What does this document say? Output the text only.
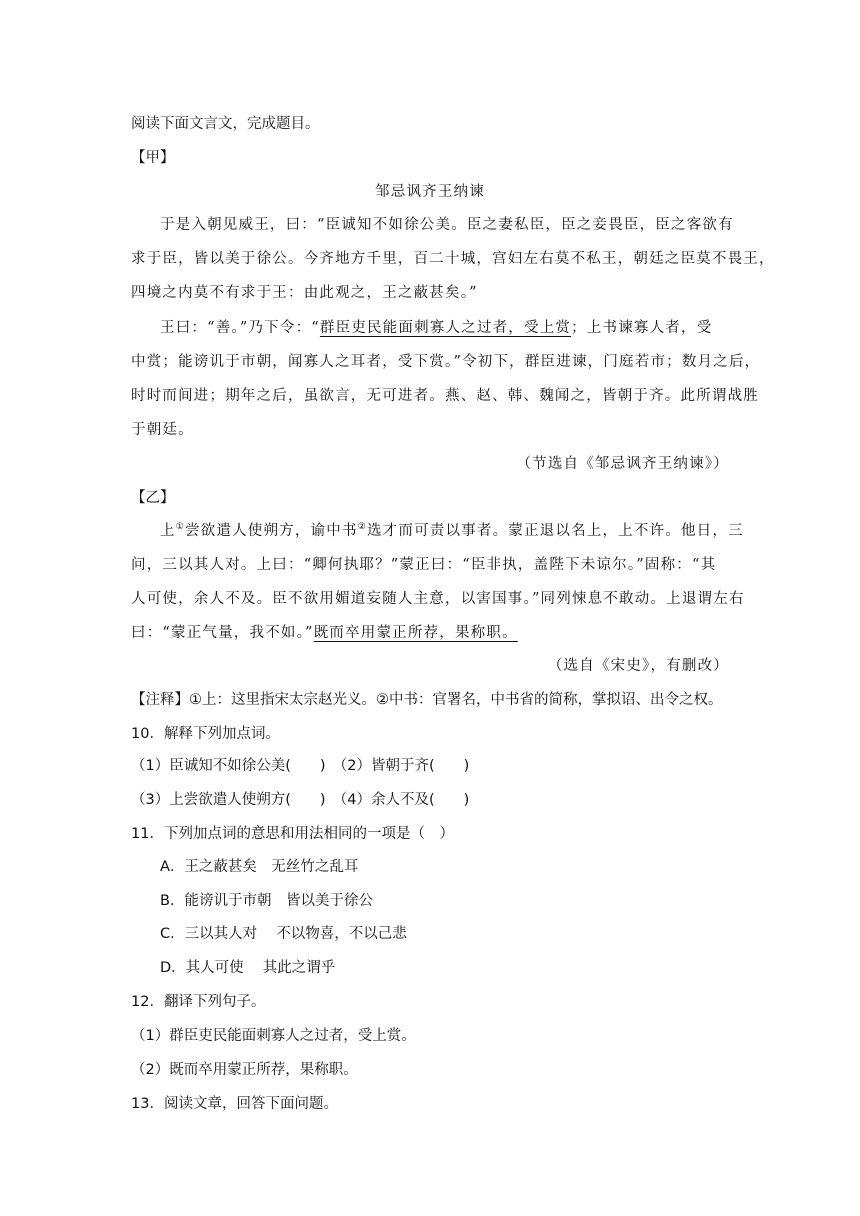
阅读下面文言文，完成题目。
【甲】
邹忌讽齐王纳谏
于是入朝见威王，曰：“臣诚知不如徐公美。臣之妻私臣，臣之妾畏臣，臣之客欲有
求于臣，皆以美于徐公。今齐地方千里，百二十城，宫妇左右莫不私王，朝廷之臣莫不畏王，
四境之内莫不有求于王：由此观之，王之蔽甚矣。”
王曰：“善。”乃下令：“群臣吏民能面刺寡人之过者，受上赏；上书谏寡人者，受
中赏；能谤讥于市朝，闻寡人之耳者，受下赏。”令初下，群臣进谏，门庭若市；数月之后，
时时而间进；期年之后，虽欲言，无可进者。燕、赵、韩、魏闻之，皆朝于齐。此所谓战胜
于朝廷。
（节选自《邹忌讽齐王纳谏》）
【乙】
上①尝欲遣人使朔方，谕中书②选才而可责以事者。蒙正退以名上，上不许。他日，三
问，三以其人对。上曰：“卿何执耶？”蒙正曰：“臣非执，盖陛下未谅尔。”固称：“其
人可使，余人不及。臣不欲用媚道妄随人主意，以害国事。”同列悚息不敢动。上退谓左右
曰：“蒙正气量，我不如。”既而卒用蒙正所荐，果称职。
（选自《宋史》，有删改）
【注释】①上：这里指宋太宗赵光义。②中书：官署名，中书省的简称，掌拟诏、出令之权。
10．解释下列加点词。
（1）臣诚知不如徐公美(　　)　（2）皆朝于齐(　　)
（3）上尝欲遣人使朔方(　　)　（4）余人不及(　　)
11．下列加点词的意思和用法相同的一项是（　）
A．王之蔽甚矣　无丝竹之乱耳
B．能谤讥于市朝　皆以美于徐公
C．三以其人对　 不以物喜，不以己悲
D．其人可使　 其此之谓乎
12．翻译下列句子。
（1）群臣吏民能面刺寡人之过者，受上赏。
（2）既而卒用蒙正所荐，果称职。
13．阅读文章，回答下面问题。
